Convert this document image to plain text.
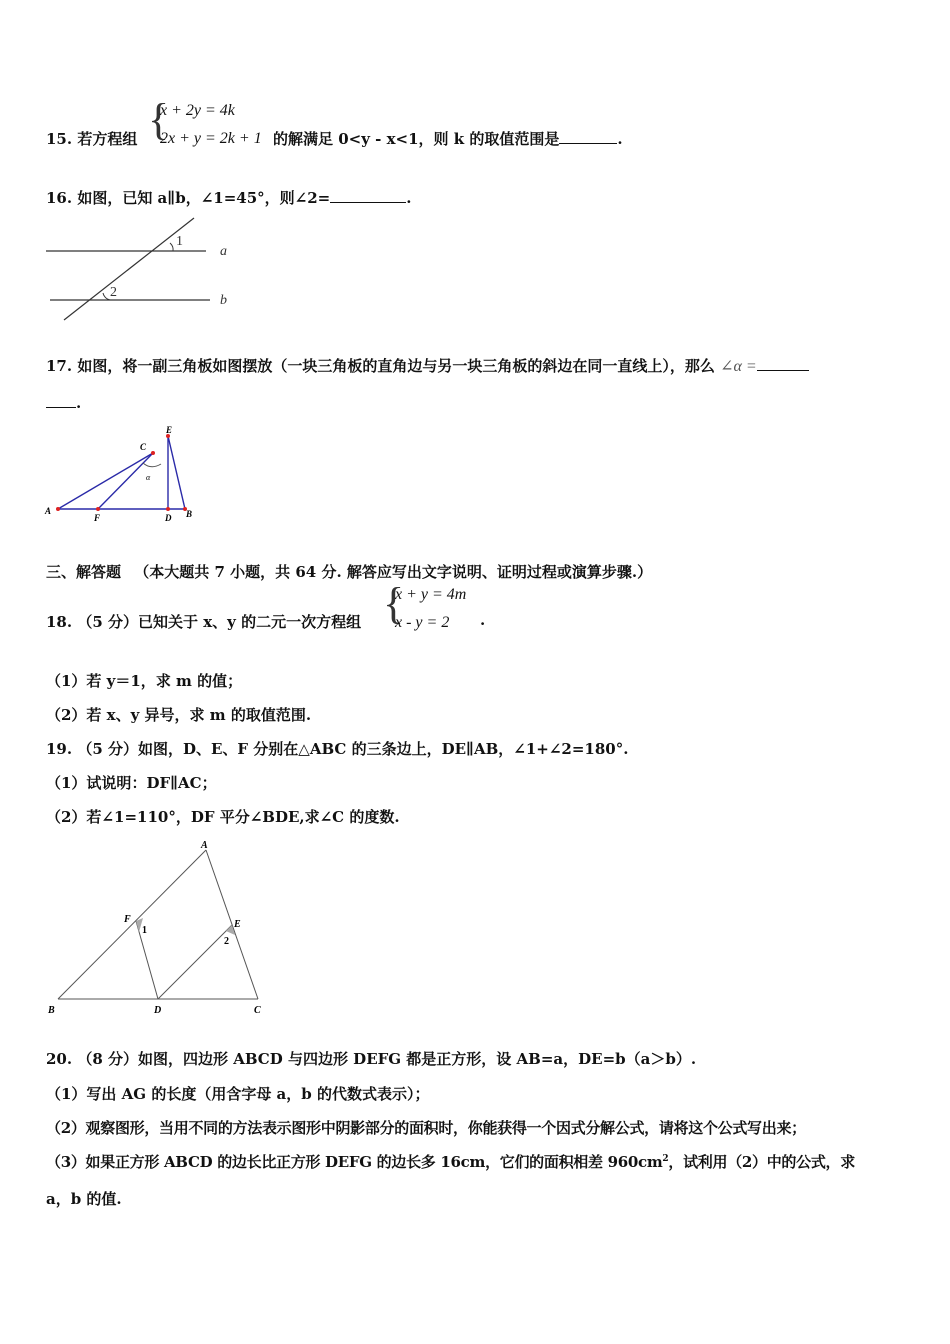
15. 若方程组 {
x + 2y = 4k
2x + y = 2k + 1 的解满足 0<y - x<1，则 k 的取值范围是	.
16. 如图，已知 a∥b，∠1=45°，则∠2=	.
1
2
a
b
17. 如图，将一副三角板如图摆放（一块三角板的直角边与另一块三角板的斜边在同一直线上），那么 ∠α =
.
A
F	D B
C
E
α
三、解答题 （本大题共 7 小题，共 64 分. 解答应写出文字说明、证明过程或演算步骤.）
18. （5 分）已知关于 x、y 的二元一次方程组 {
x + y = 4m
x - y = 2 .
（1）若 y＝1，求 m 的值；
（2）若 x、y 异号，求 m 的取值范围.
19. （5 分）如图，D、E、F 分别在△ABC 的三条边上，DE∥AB，∠1+∠2=180°.
（1）试说明：DF∥AC；
（2）若∠1=110°，DF 平分∠BDE,求∠C 的度数.
A
B	C
D
E
F
1
2
20. （8 分）如图，四边形 ABCD 与四边形 DEFG 都是正方形，设 AB=a，DE=b（a＞b）.
（1）写出 AG 的长度（用含字母 a，b 的代数式表示）；
（2）观察图形，当用不同的方法表示图形中阴影部分的面积时，你能获得一个因式分解公式，请将这个公式写出来；
（3）如果正方形 ABCD 的边长比正方形 DEFG 的边长多 16cm，它们的面积相差 $960cm^2$，试利用（2）中的公式，求
a，b 的值.
